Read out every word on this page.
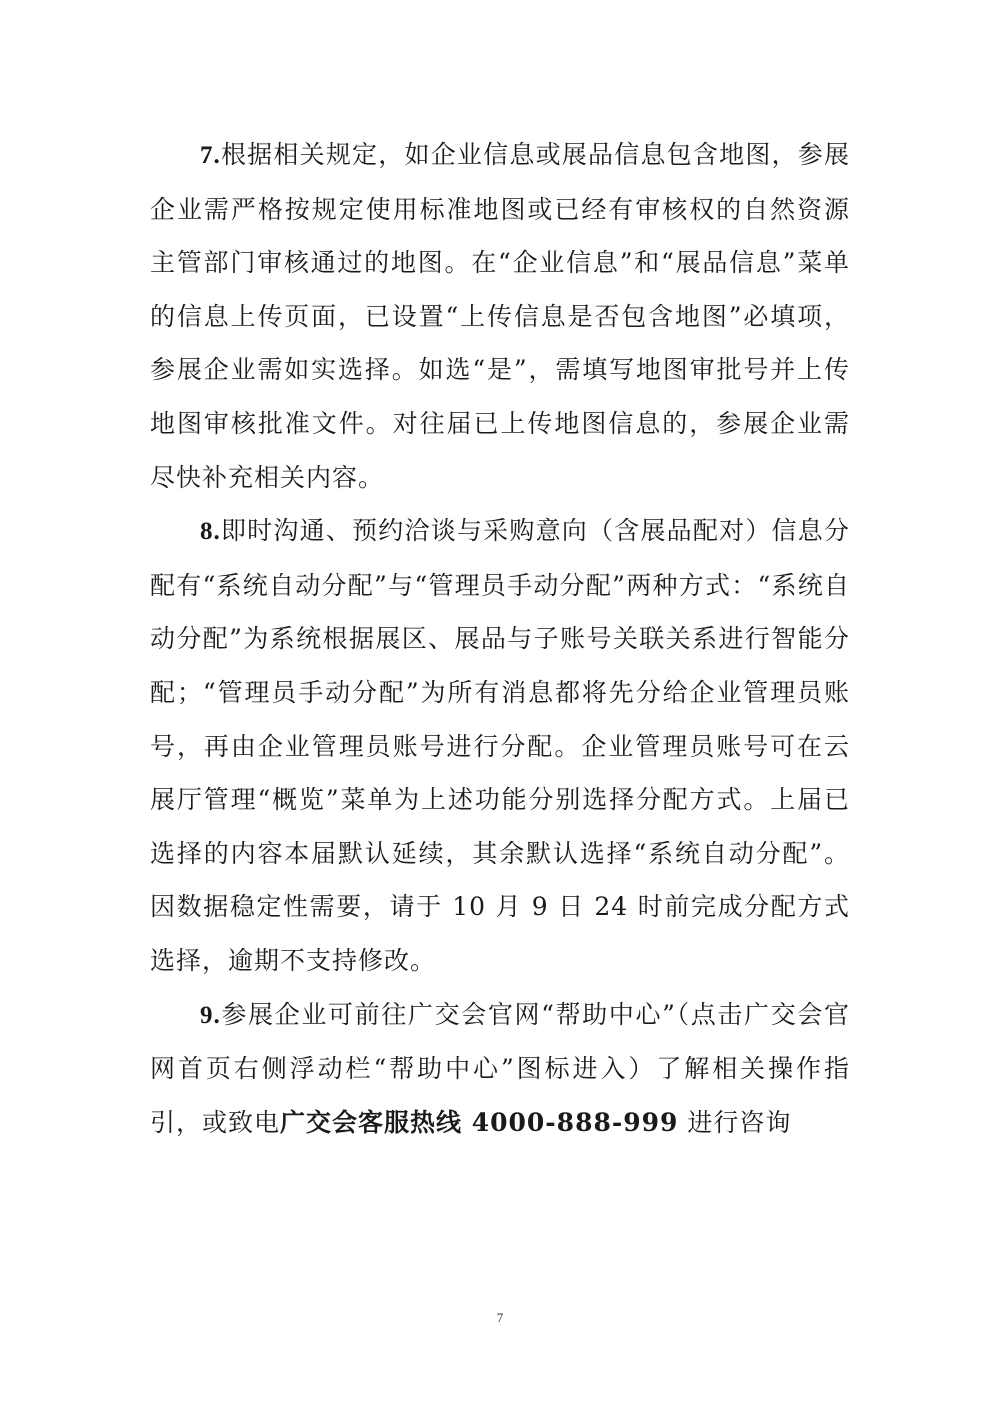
7.根据相关规定，如企业信息或展品信息包含地图，参展企业需严格按规定使用标准地图或已经有审核权的自然资源主管部门审核通过的地图。在“企业信息”和“展品信息”菜单的信息上传页面，已设置“上传信息是否包含地图”必填项，参展企业需如实选择。如选“是”，需填写地图审批号并上传地图审核批准文件。对往届已上传地图信息的，参展企业需尽快补充相关内容。

8.即时沟通、预约洽谈与采购意向（含展品配对）信息分配有“系统自动分配”与“管理员手动分配”两种方式：“系统自动分配”为系统根据展区、展品与子账号关联关系进行智能分配；“管理员手动分配”为所有消息都将先分给企业管理员账号，再由企业管理员账号进行分配。企业管理员账号可在云展厅管理“概览”菜单为上述功能分别选择分配方式。上届已选择的内容本届默认延续，其余默认选择“系统自动分配”。因数据稳定性需要，请于 10 月 9 日 24 时前完成分配方式选择，逾期不支持修改。

9.参展企业可前往广交会官网“帮助中心”（点击广交会官网首页右侧浮动栏“帮助中心”图标进入）了解相关操作指引，或致电广交会客服热线 4000-888-999 进行咨询

7
